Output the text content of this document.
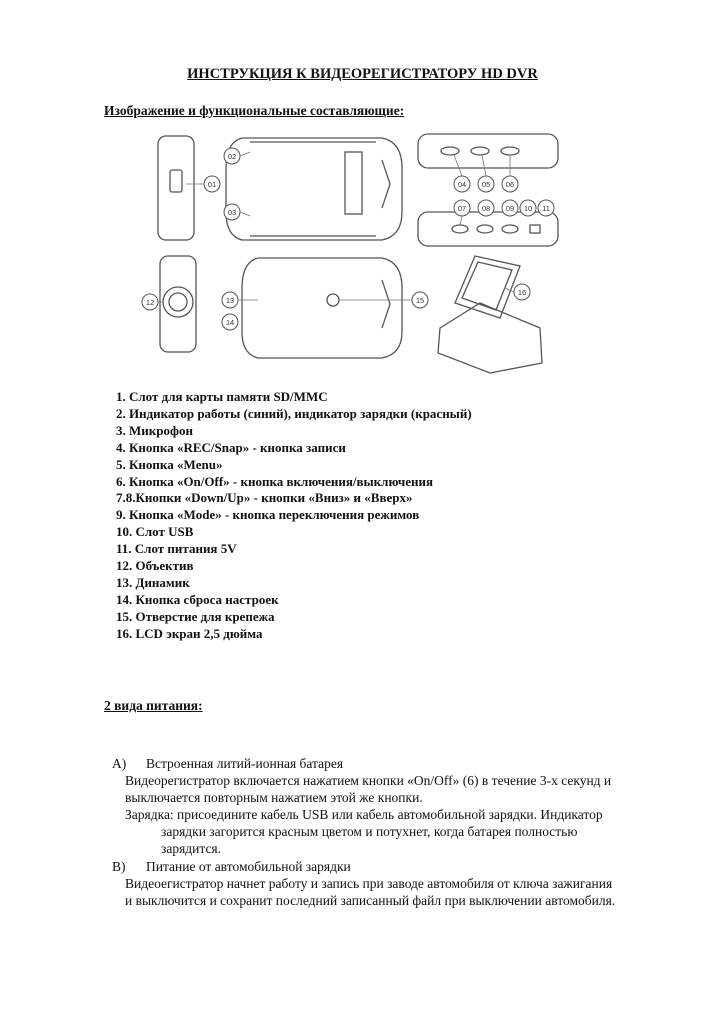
ИНСТРУКЦИЯ К ВИДЕОРЕГИСТРАТОРУ HD DVR
Изображение и функциональные составляющие:
01
02
03
04 05 06
07 08 09 10 11
12	13
14
15
16
1. Слот для карты памяти SD/MMC
2. Индикатор работы (синий), индикатор зарядки (красный)
3. Микрофон
4. Кнопка «REC/Snap» - кнопка записи
5. Кнопка «Menu»
6. Кнопка «On/Off» - кнопка включения/выключения
7.8.Кнопки «Down/Up» - кнопки «Вниз» и «Вверх»
9. Кнопка «Mode» - кнопка переключения режимов
10. Слот USB
11. Слот питания 5V
12. Объектив
13. Динамик
14. Кнопка сброса настроек
15. Отверстие для крепежа
16. LCD экран 2,5 дюйма
2 вида питания:
A) Встроенная литий-ионная батарея
Видеорегистратор включается нажатием кнопки «On/Off» (6) в течение 3-х секунд и
выключается повторным нажатием этой же кнопки.
Зарядка: присоедините кабель USB или кабель автомобильной зарядки. Индикатор
зарядки загорится красным цветом и потухнет, когда батарея полностью
зарядится.
B) Питание от автомобильной зарядки
Видеоегистратор начнет работу и запись при заводе автомобиля от ключа зажигания
и выключится и сохранит последний записанный файл при выключении автомобиля.
